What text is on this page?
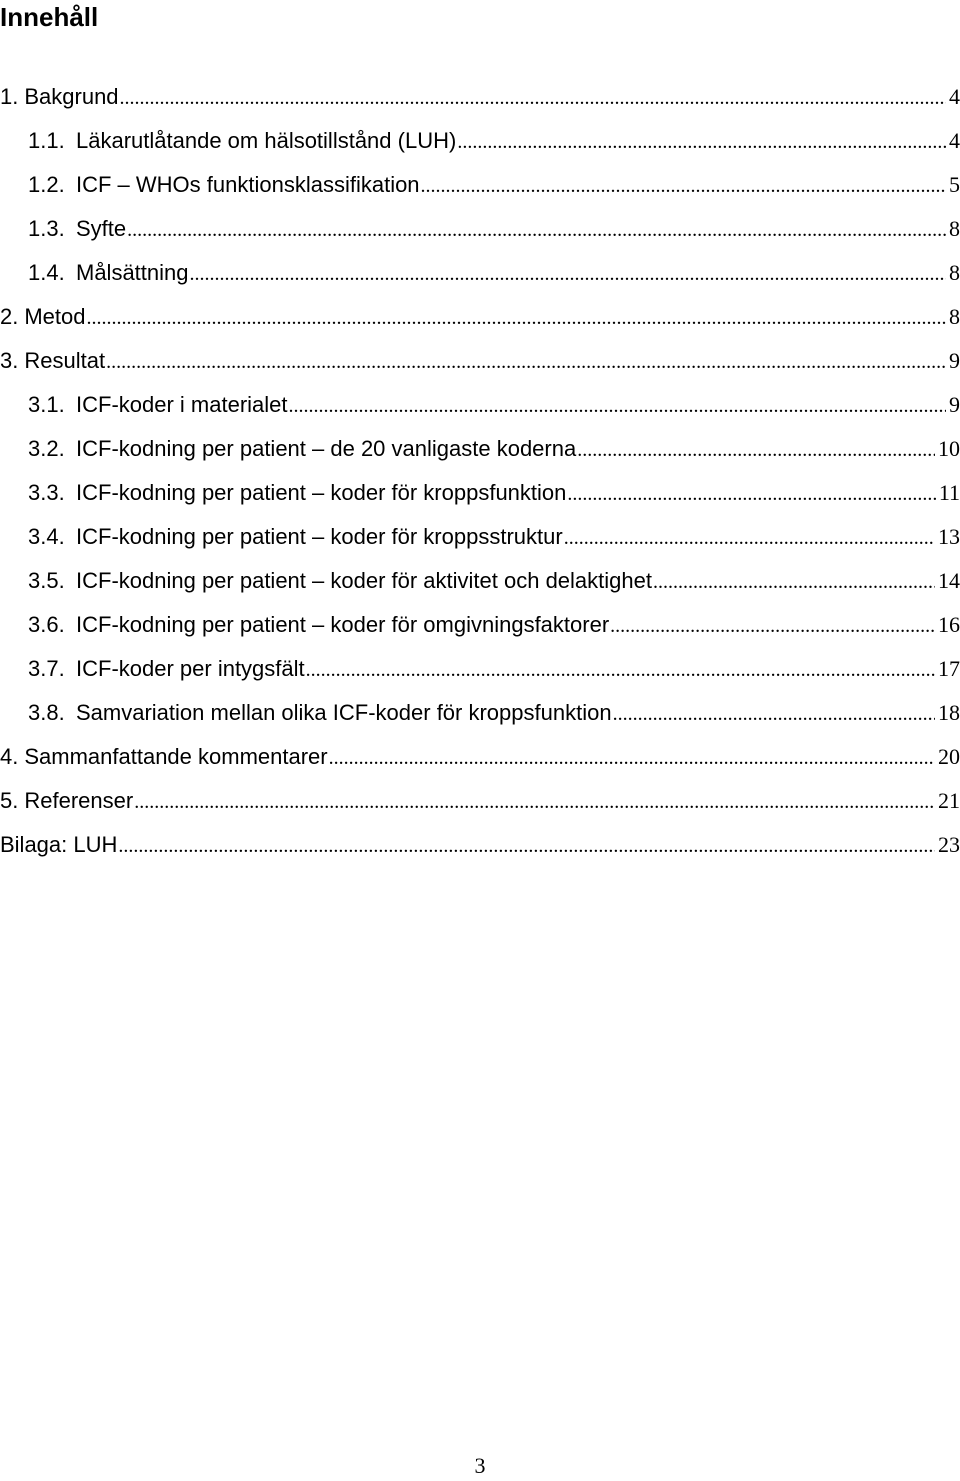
Innehåll
1. Bakgrund .....	4
1.1. Läkarutlåtande om hälsotillstånd (LUH) .....	4
1.2. ICF – WHOs funktionsklassifikation .....	5
1.3. Syfte .....	8
1.4. Målsättning .....	8
2. Metod .....	8
3. Resultat .....	9
3.1. ICF-koder i materialet .....	9
3.2. ICF-kodning per patient – de 20 vanligaste koderna .....	10
3.3. ICF-kodning per patient – koder för kroppsfunktion .....	11
3.4. ICF-kodning per patient – koder för kroppsstruktur .....	13
3.5. ICF-kodning per patient – koder för aktivitet och delaktighet .....	14
3.6. ICF-kodning per patient – koder för omgivningsfaktorer .....	16
3.7. ICF-koder per intygsfält .....	17
3.8. Samvariation mellan olika ICF-koder för kroppsfunktion .....	18
4. Sammanfattande kommentarer .....	20
5. Referenser .....	21
Bilaga: LUH .....	23
3
